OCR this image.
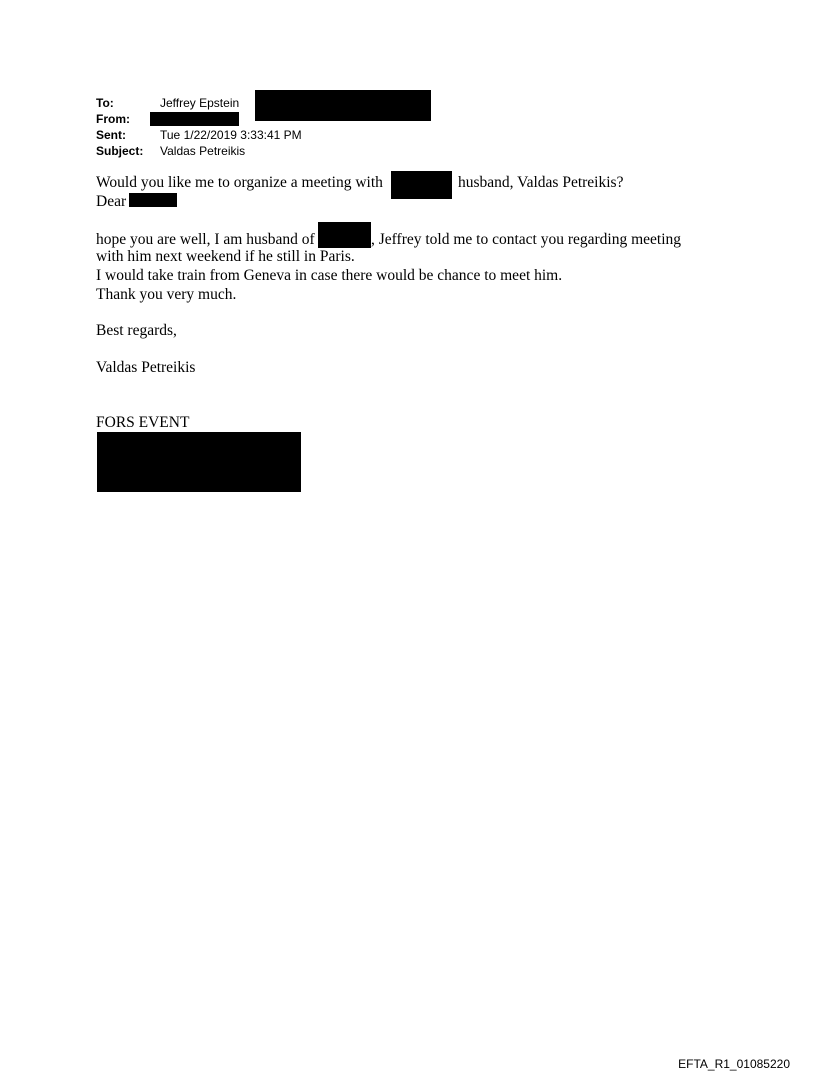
To:	Jeffrey Epstein
From:
Sent:	Tue 1/22/2019 3:33:41 PM
Subject: Valdas Petreikis
Would you like me to organize a meeting with	husband, Valdas Petreikis?
Dear
hope you are well, I am husband of	, Jeffrey told me to contact you regarding meeting
with him next weekend if he still in Paris.
I would take train from Geneva in case there would be chance to meet him.
Thank you very much.
Best regards,
Valdas Petreikis
FORS EVENT
EFTA_R1_01085220
